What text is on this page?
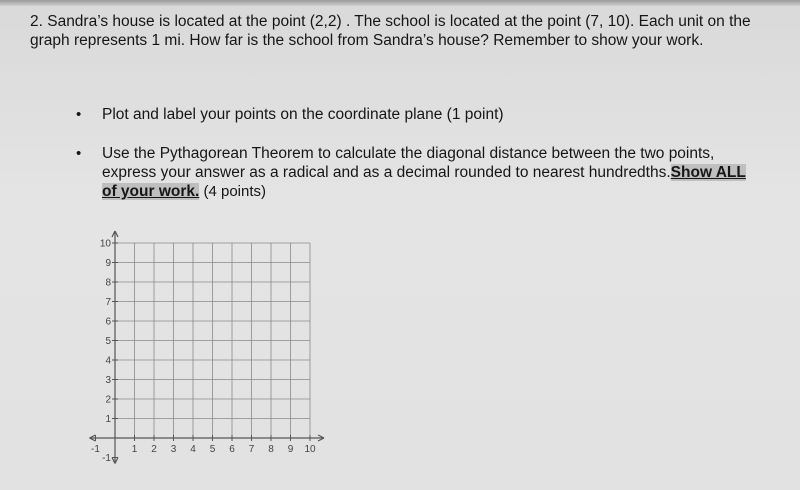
2. Sandra’s house is located at the point (2,2) . The school is located at the point (7, 10). Each unit on the graph represents 1 mi. How far is the school from Sandra’s house? Remember to show your work.
• Plot and label your points on the coordinate plane (1 point)
• Use the Pythagorean Theorem to calculate the diagonal distance between the two points, express your answer as a radical and as a decimal rounded to nearest hundredths.Show ALL of your work. (4 points)
-1	1 2 3 4 5 6 7 8 9 10
10
9
8
7
6
5
4
3
2
1
-1
